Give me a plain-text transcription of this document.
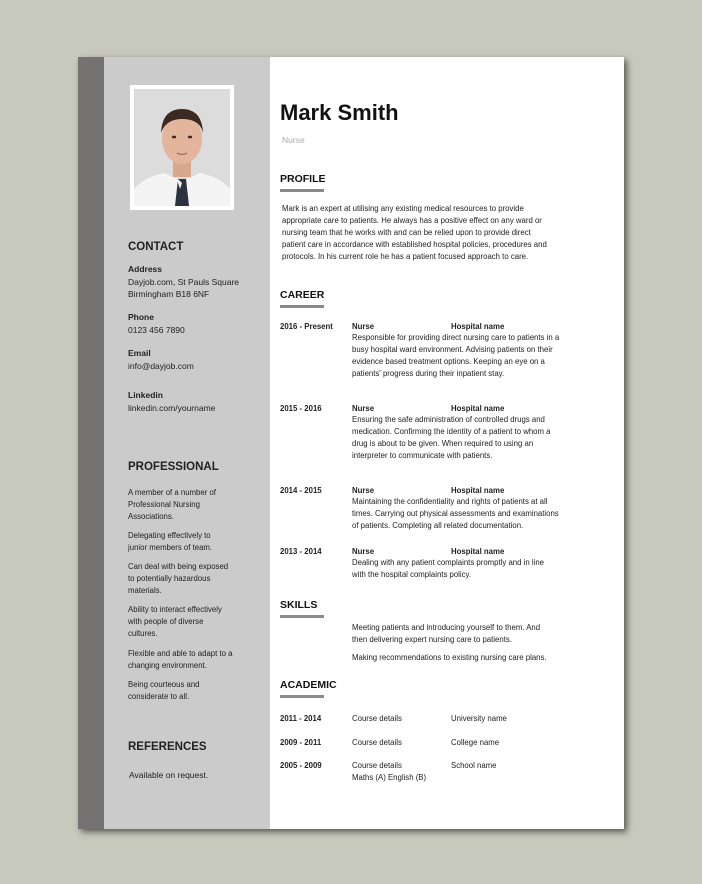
CONTACT
Address
Dayjob.com, St Pauls Square
Birmingham B18 6NF
Phone
0123 456 7890
Email
info@dayjob.com
Linkedin
linkedin.com/yourname
PROFESSIONAL
A member of a number of
Professional Nursing
Associations.
Delegating effectively to
junior members of team.
Can deal with being exposed
to potentially hazardous
materials.
Ability to interact effectively
with people of diverse
cultures.
Flexible and able to adapt to a
changing environment.
Being courteous and
considerate to all.
REFERENCES
Available on request.
Mark Smith
Nurse
PROFILE
Mark is an expert at utilising any existing medical resources to provide
appropriate care to patients. He always has a positive effect on any ward or
nursing team that he works with and can be relied upon to provide direct
patient care in accordance with established hospital policies, procedures and
protocols. In his current role he has a patient focused approach to care.
CAREER
2016 - Present Nurse	Hospital name
Responsible for providing direct nursing care to patients in a
busy hospital ward environment. Advising patients on their
evidence based treatment options. Keeping an eye on a
patients' progress during their inpatient stay.
2015 - 2016	Nurse	Hospital name
Ensuring the safe administration of controlled drugs and
medication. Confirming the identity of a patient to whom a
drug is about to be given. When required to using an
interpreter to communicate with patients.
2014 - 2015	Nurse	Hospital name
Maintaining the confidentiality and rights of patients at all
times. Carrying out physical assessments and examinations
of patients. Completing all related documentation.
2013 - 2014	Nurse	Hospital name
Dealing with any patient complaints promptly and in line
with the hospital complaints policy.
SKILLS
Meeting patients and introducing yourself to them. And
then delivering expert nursing care to patients.
Making recommendations to existing nursing care plans.
ACADEMIC
2011 - 2014	Course details	University name
2009 - 2011	Course details	College name
2005 - 2009	Course details	School name
Maths (A) English (B)
